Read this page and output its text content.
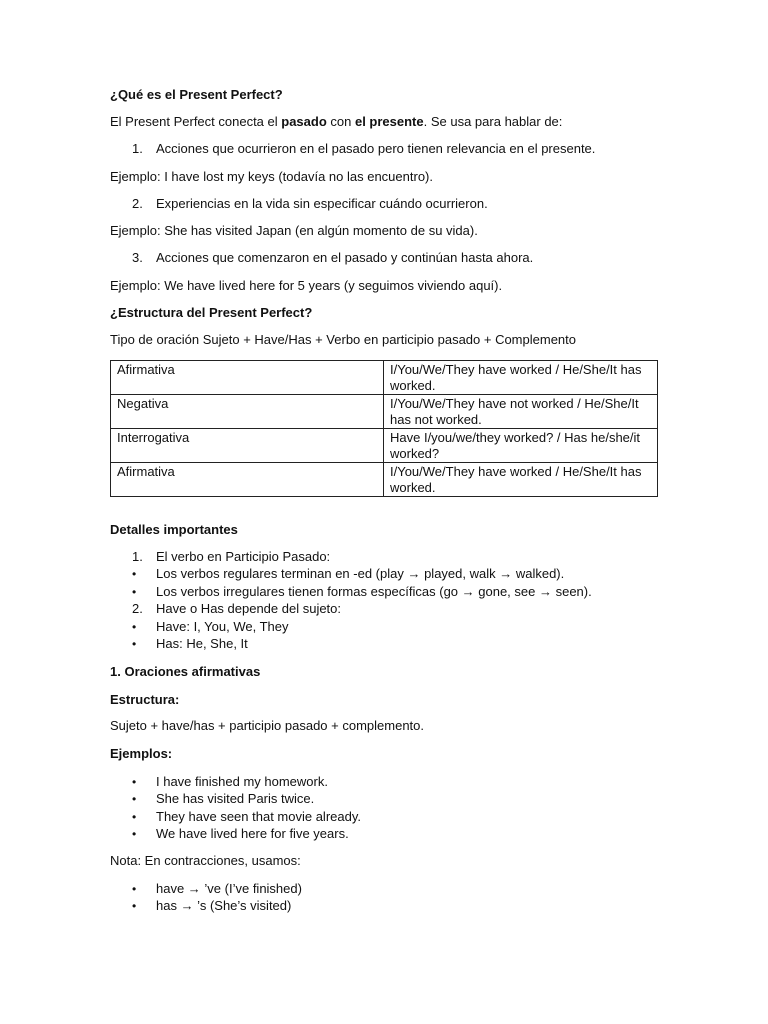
¿Qué es el Present Perfect?
El Present Perfect conecta el pasado con el presente. Se usa para hablar de:
1. Acciones que ocurrieron en el pasado pero tienen relevancia en el presente.
Ejemplo: I have lost my keys (todavía no las encuentro).
2. Experiencias en la vida sin especificar cuándo ocurrieron.
Ejemplo: She has visited Japan (en algún momento de su vida).
3. Acciones que comenzaron en el pasado y continúan hasta ahora.
Ejemplo: We have lived here for 5 years (y seguimos viviendo aquí).
¿Estructura del Present Perfect?
Tipo de oración Sujeto + Have/Has + Verbo en participio pasado + Complemento
Afirmativa	I/You/We/They have worked / He/She/It has worked.
Negativa	I/You/We/They have not worked / He/She/It has not worked.
Interrogativa	Have I/you/we/they worked? / Has he/she/it worked?
Afirmativa	I/You/We/They have worked / He/She/It has worked.
Detalles importantes
1. El verbo en Participio Pasado:
•	Los verbos regulares terminan en -ed (play → played, walk → walked).
•	Los verbos irregulares tienen formas específicas (go → gone, see → seen).
2. Have o Has depende del sujeto:
•	Have: I, You, We, They
•	Has: He, She, It
1. Oraciones afirmativas
Estructura:
Sujeto + have/has + participio pasado + complemento.
Ejemplos:
•	I have finished my homework.
•	She has visited Paris twice.
•	They have seen that movie already.
•	We have lived here for five years.
Nota: En contracciones, usamos:
•	have → ’ve (I’ve finished)
•	has → ’s (She’s visited)
